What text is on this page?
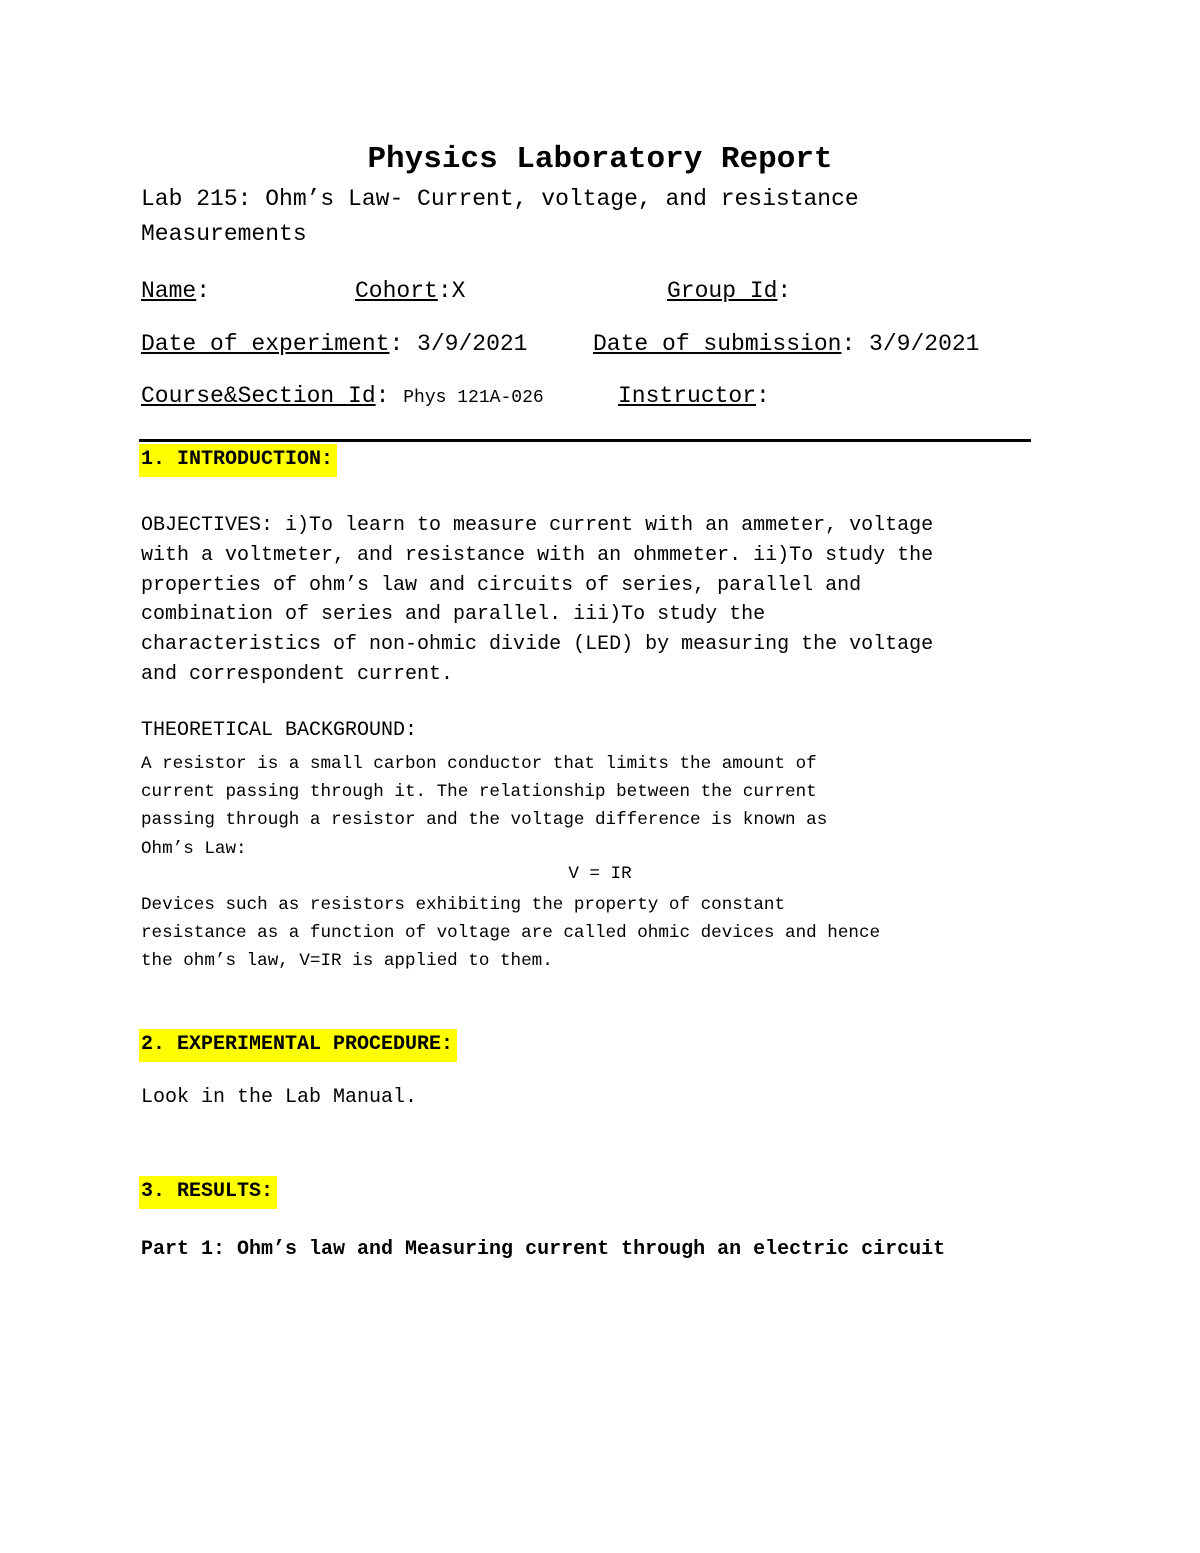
Physics Laboratory Report
Lab 215: Ohm’s Law- Current, voltage, and resistance
Measurements
Name:	Cohort:X	Group Id:
Date of experiment: 3/9/2021	Date of submission: 3/9/2021
Course&Section Id: Phys 121A-026	Instructor:
1. INTRODUCTION:
OBJECTIVES: i)To learn to measure current with an ammeter, voltage
with a voltmeter, and resistance with an ohmmeter. ii)To study the
properties of ohm’s law and circuits of series, parallel and
combination of series and parallel. iii)To study the
characteristics of non-ohmic divide (LED) by measuring the voltage
and correspondent current.
THEORETICAL BACKGROUND:
A resistor is a small carbon conductor that limits the amount of
current passing through it. The relationship between the current
passing through a resistor and the voltage difference is known as
Ohm’s Law:
V = IR
Devices such as resistors exhibiting the property of constant
resistance as a function of voltage are called ohmic devices and hence
the ohm’s law, V=IR is applied to them.
2. EXPERIMENTAL PROCEDURE:
Look in the Lab Manual.
3. RESULTS:
Part 1: Ohm’s law and Measuring current through an electric circuit
